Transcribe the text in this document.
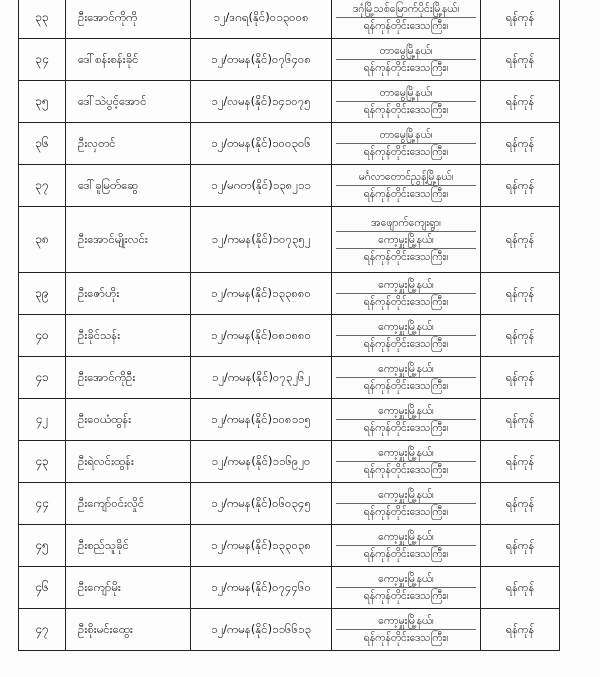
၃၃	ဦးအောင်ကိုကို	၁၂/ဒဂရ(နိုင်)၀၁၃၀၀၈	ဒဂုံမြို့သစ်မြောက်ပိုင်းမြို့နယ်၊
ရန်ကုန်တိုင်းဒေသကြီး။	ရန်ကုန်
၃၄	ဒေါ်စန်းစန်းခိုင်	၁၂/တမန(နိုင်)၀၇၆၄၀၈	တာမွေမြို့နယ်၊
ရန်ကုန်တိုင်းဒေသကြီး။	ရန်ကုန်
၃၅	ဒေါ်သဲပွင့်အောင်	၁၂/လမန(နိုင်)၁၄၁၀၇၅	တာမွေမြို့နယ်၊
ရန်ကုန်တိုင်းဒေသကြီး။	ရန်ကုန်
၃၆	ဦးလှတင်	၁၂/တမန(နိုင်)၁၀၀၃၀၆	တာမွေမြို့နယ်၊
ရန်ကုန်တိုင်းဒေသကြီး။	ရန်ကုန်
၃၇	ဒေါ်ခူမြတ်ဆွေ	၁၂/မဂတ(နိုင်)၁၃၈၂၁၁	မင်္ဂလာတောင်ညွန့်မြို့နယ်၊
ရန်ကုန်တိုင်းဒေသကြီး။	ရန်ကုန်
၃၈	ဦးအောင်မျိုးလင်း	၁၂/ကမန(နိုင်)၁၀၇၃၅၂	အဖျောက်ကျေးရွာ၊
ကော့မှူးမြို့နယ်၊
ရန်ကုန်တိုင်းဒေသကြီး။	ရန်ကုန်
၃၉	ဦးဇော်ဟိုး	၁၂/ကမန(နိုင်)၁၃၃၈၈၀	ကော့မှူးမြို့နယ်၊
ရန်ကုန်တိုင်းဒေသကြီး။	ရန်ကုန်
၄၀	ဦးခိုင်သန်း	၁၂/ကမန(နိုင်)၀၈၁၈၈၀	ကော့မှူးမြို့နယ်၊
ရန်ကုန်တိုင်းဒေသကြီး။	ရန်ကုန်
၄၁	ဦးအောင်ကိုဦး	၁၂/ကမန(နိုင်)၀၇၃၂၆၂	ကော့မှူးမြို့နယ်၊
ရန်ကုန်တိုင်းဒေသကြီး။	ရန်ကုန်
၄၂	ဦးဝေယံထွန်း	၁၂/ကမန(နိုင်)၁၀၈၁၁၅	ကော့မှူးမြို့နယ်၊
ရန်ကုန်တိုင်းဒေသကြီး။	ရန်ကုန်
၄၃	ဦးရဲလင်းထွန်း	၁၂/ကမန(နိုင်)၁၁၆၉၂၀	ကော့မှူးမြို့နယ်၊
ရန်ကုန်တိုင်းဒေသကြီး။	ရန်ကုန်
၄၄	ဦးကျော်ဝင်းလှိုင်	၁၂/ကမန(နိုင်)၀၆၀၃၄၅	ကော့မှူးမြို့နယ်၊
ရန်ကုန်တိုင်းဒေသကြီး။	ရန်ကုန်
၄၅	ဦးစည်သူခိုင်	၁၂/ကမန(နိုင်)၁၃၃၀၃၈	ကော့မှူးမြို့နယ်၊
ရန်ကုန်တိုင်းဒေသကြီး။	ရန်ကုန်
၄၆	ဦးကျော်မိုး	၁၂/ကမန(နိုင်)၀၇၄၄၆၀	ကော့မှူးမြို့နယ်၊
ရန်ကုန်တိုင်းဒေသကြီး။	ရန်ကုန်
၄၇	ဦးစိုးမင်းထွေး	၁၂/ကမန(နိုင်)၁၁၆၆၁၃	ကော့မှူးမြို့နယ်၊
ရန်ကုန်တိုင်းဒေသကြီး။	ရန်ကုန်
